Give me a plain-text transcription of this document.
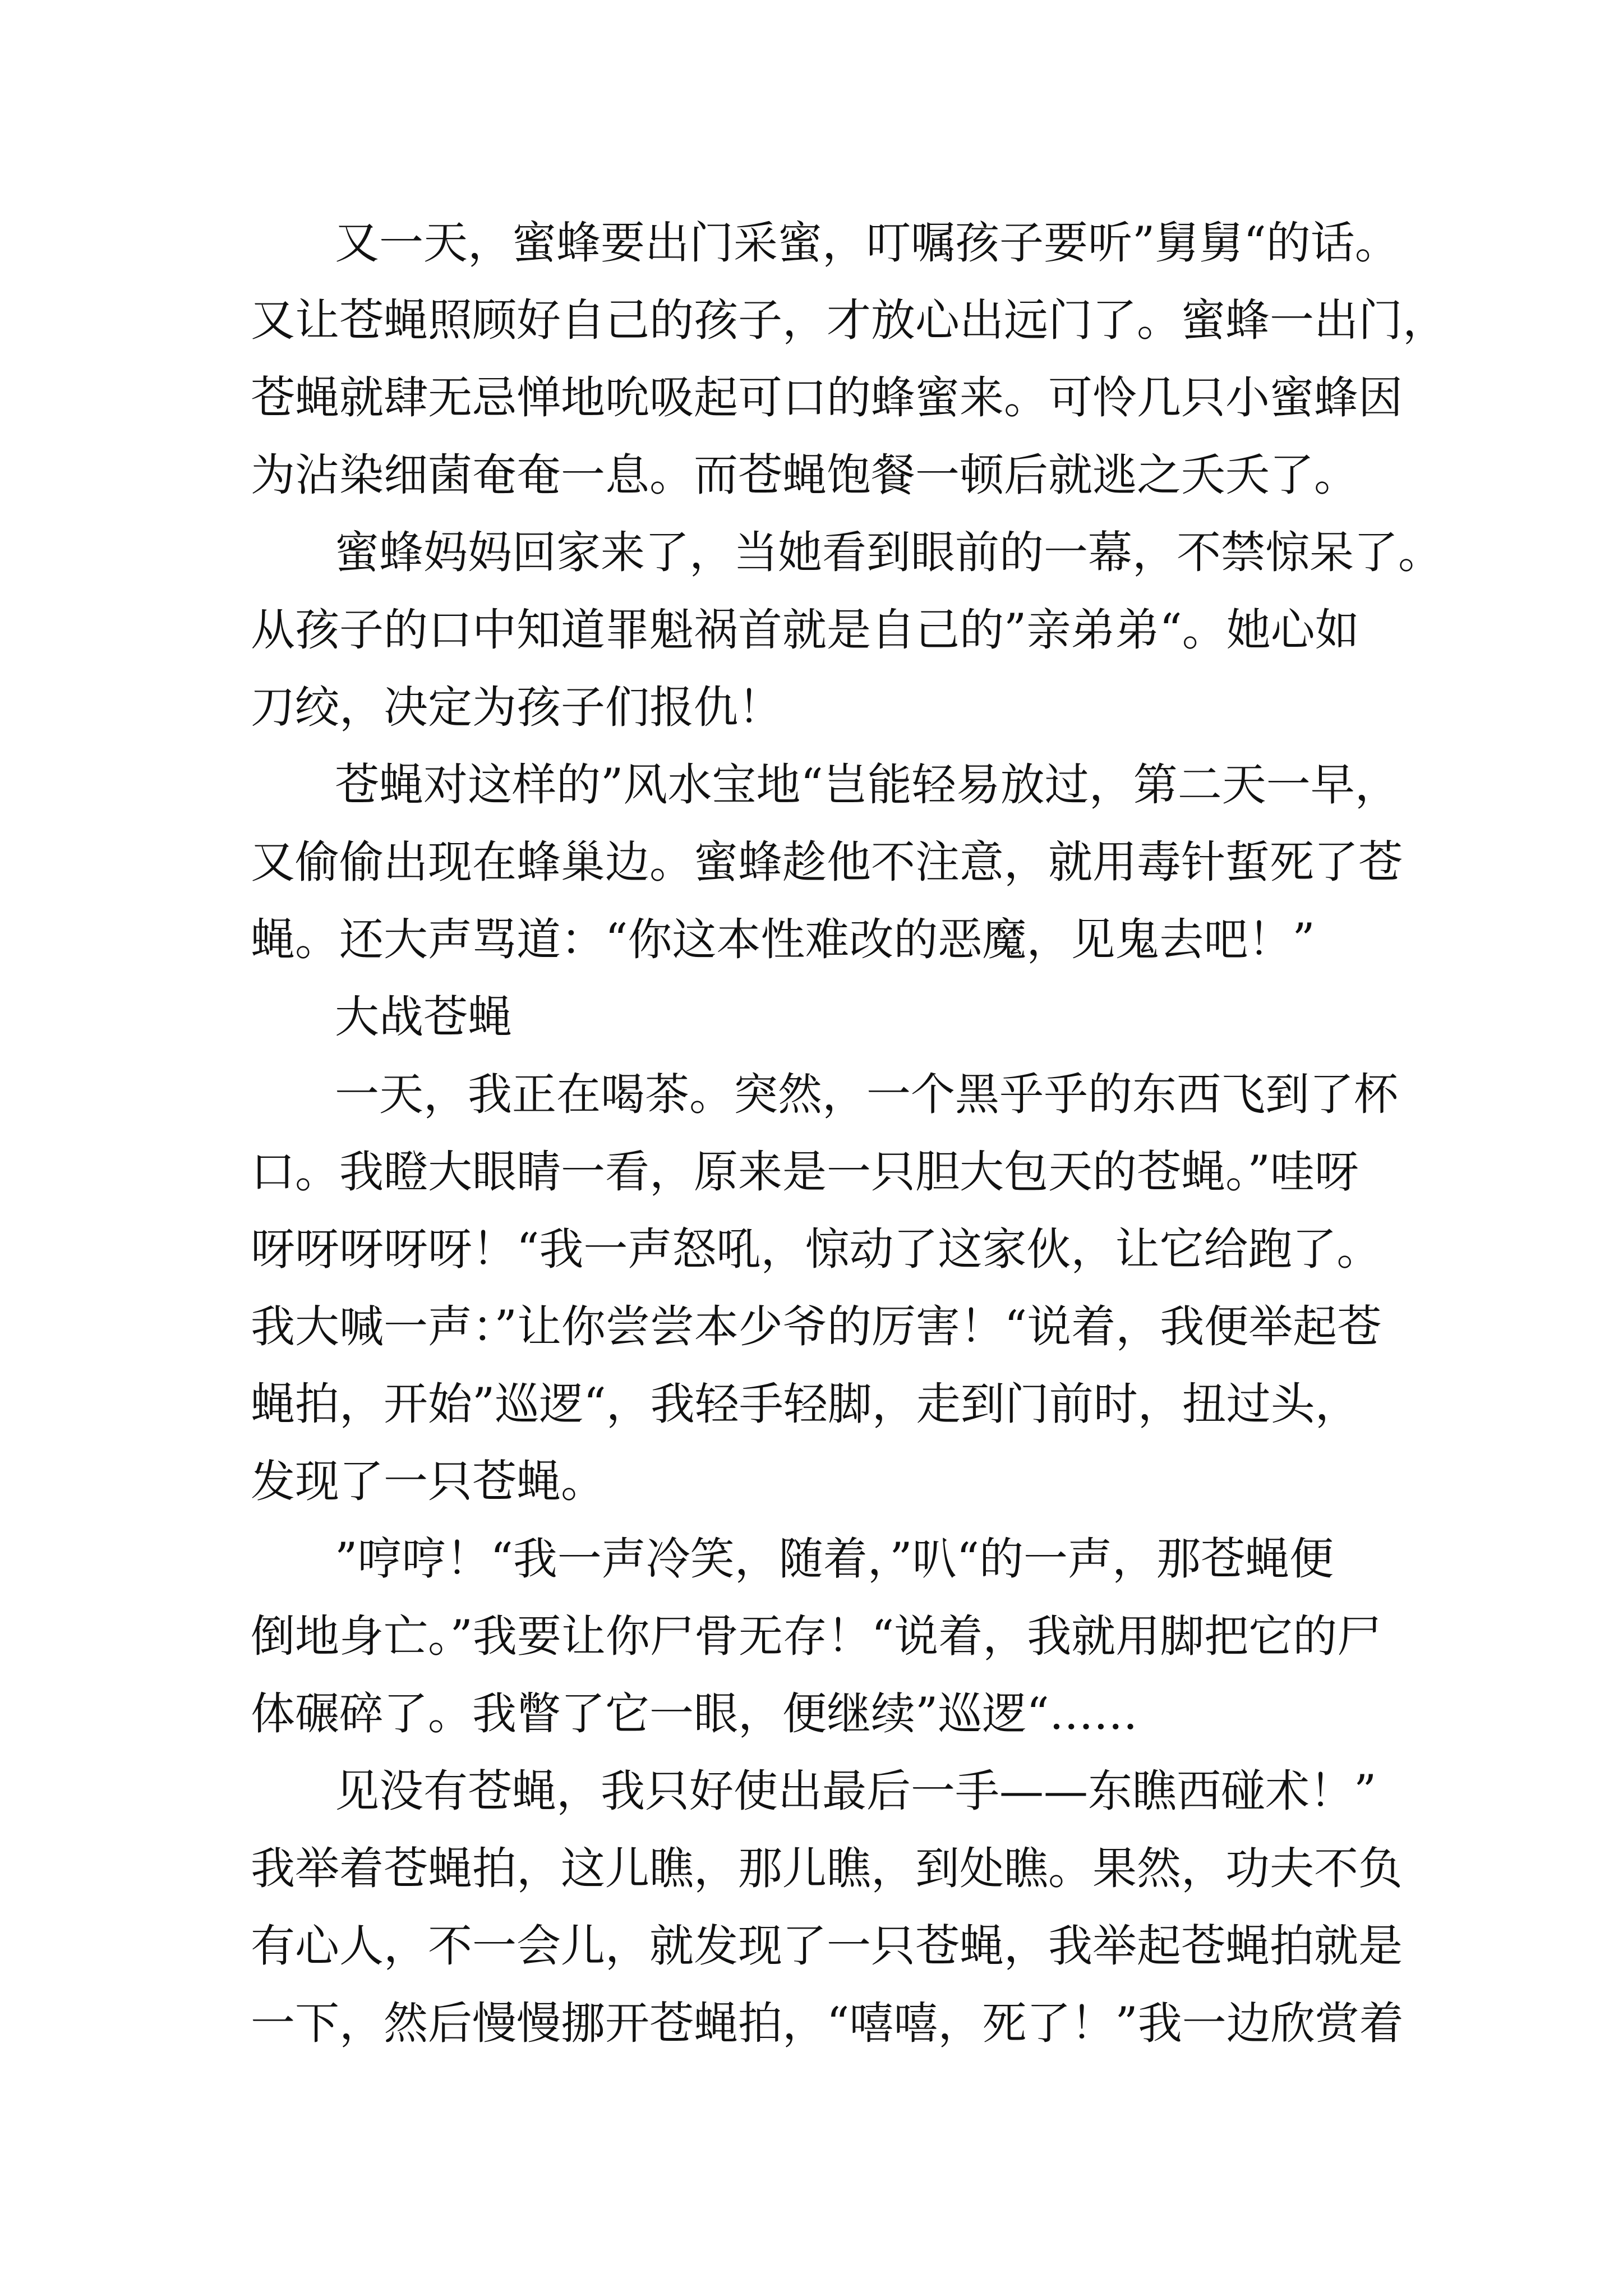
又一天，蜜蜂要出门采蜜，叮嘱孩子要听”舅舅“的话。

又让苍蝇照顾好自己的孩子，才放心出远门了。蜜蜂一出门，

苍蝇就肆无忌惮地吮吸起可口的蜂蜜来。可怜几只小蜜蜂因

为沾染细菌奄奄一息。而苍蝇饱餐一顿后就逃之夭夭了。

蜜蜂妈妈回家来了，当她看到眼前的一幕，不禁惊呆了。

从孩子的口中知道罪魁祸首就是自己的”亲弟弟“。她心如

刀绞，决定为孩子们报仇！

苍蝇对这样的”风水宝地“岂能轻易放过，第二天一早，

又偷偷出现在蜂巢边。蜜蜂趁他不注意，就用毒针蜇死了苍

蝇。还大声骂道：“你这本性难改的恶魔，见鬼去吧！”

大战苍蝇

一天，我正在喝茶。突然，一个黑乎乎的东西飞到了杯

口。我瞪大眼睛一看，原来是一只胆大包天的苍蝇。”哇呀

呀呀呀呀呀！“我一声怒吼，惊动了这家伙，让它给跑了。

我大喊一声：”让你尝尝本少爷的厉害！“说着，我便举起苍

蝇拍，开始”巡逻“，我轻手轻脚，走到门前时，扭过头，

发现了一只苍蝇。

”哼哼！“我一声冷笑，随着，”叭“的一声，那苍蝇便

倒地身亡。”我要让你尸骨无存！“说着，我就用脚把它的尸

体碾碎了。我瞥了它一眼，便继续”巡逻“……

见没有苍蝇，我只好使出最后一手——东瞧西碰术！”

我举着苍蝇拍，这儿瞧，那儿瞧，到处瞧。果然，功夫不负

有心人，不一会儿，就发现了一只苍蝇，我举起苍蝇拍就是

一下，然后慢慢挪开苍蝇拍，“嘻嘻，死了！”我一边欣赏着
